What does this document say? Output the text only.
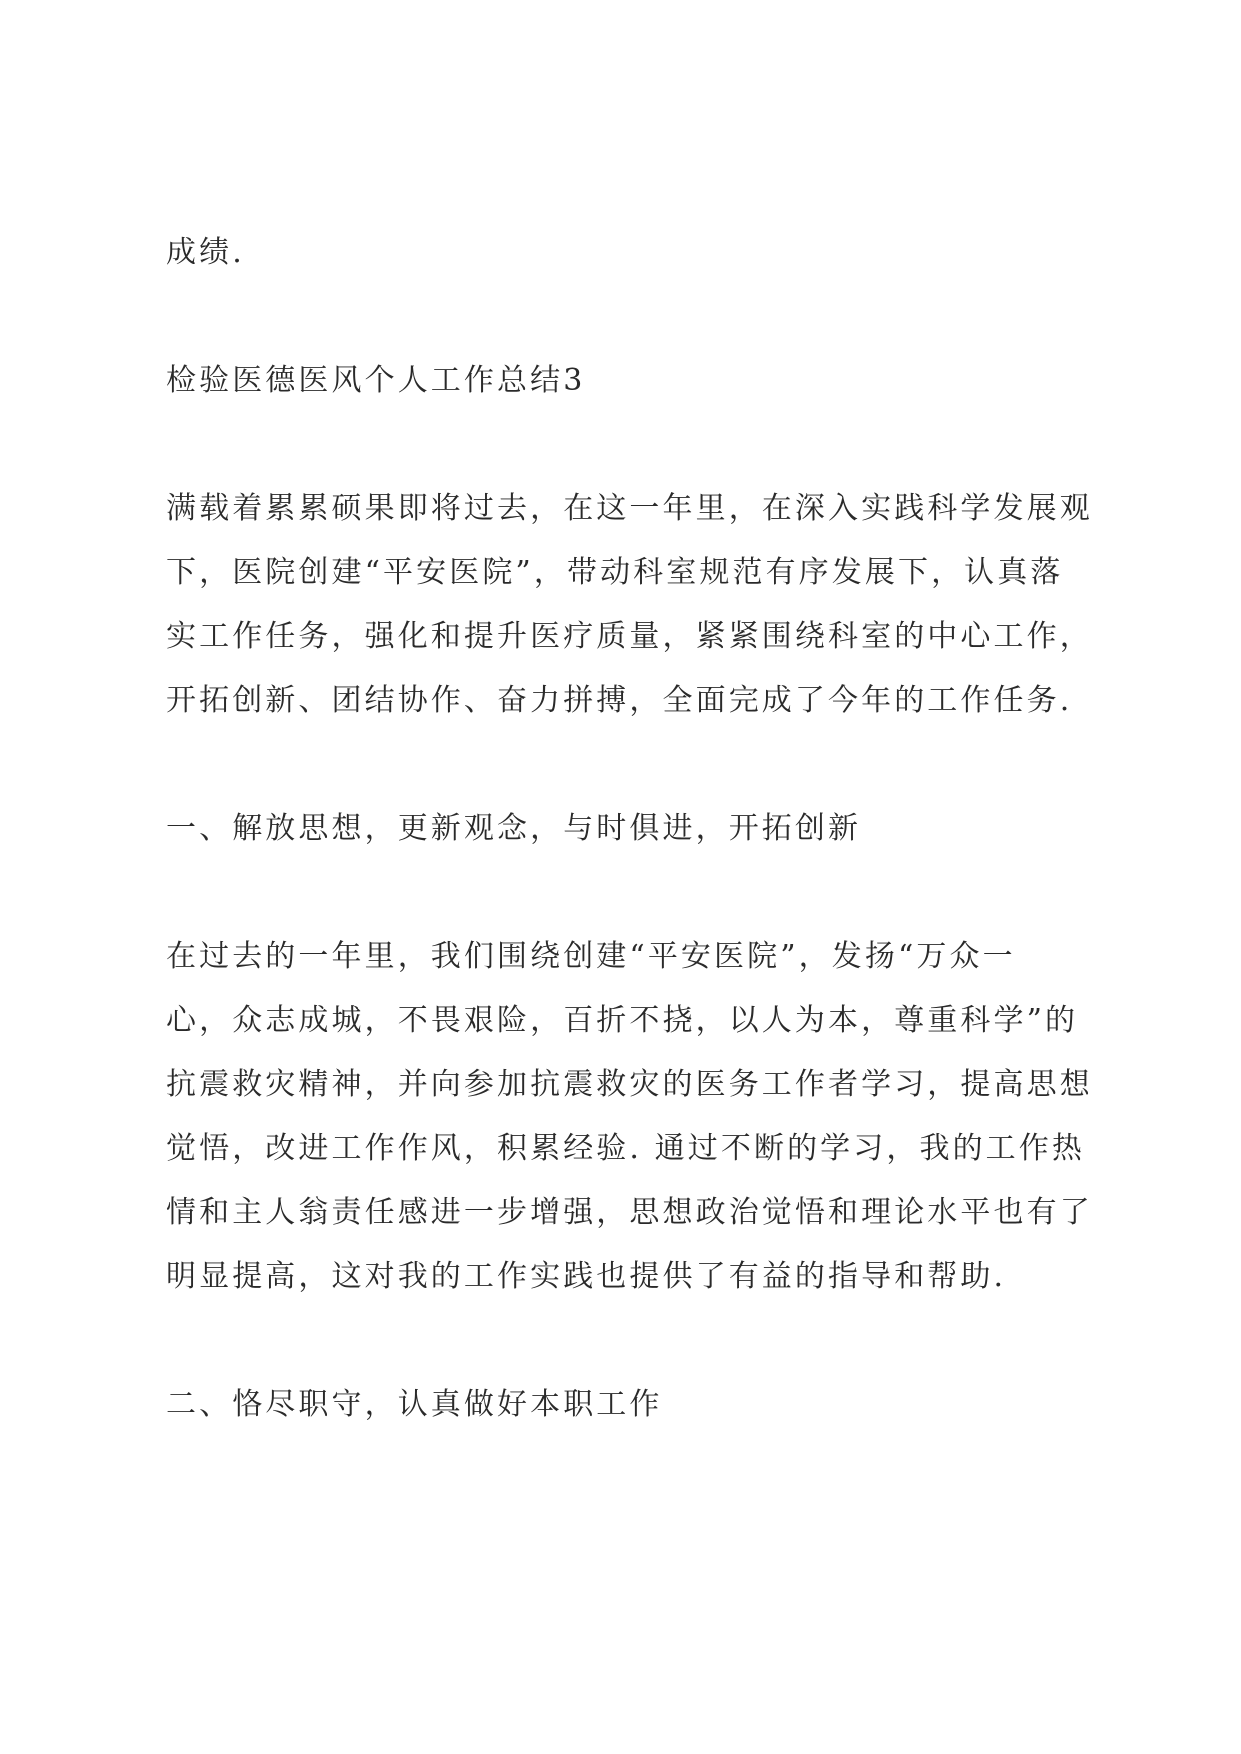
成绩.

检验医德医风个人工作总结3

满载着累累硕果即将过去，在这一年里，在深入实践科学发展观

下，医院创建“平安医院”，带动科室规范有序发展下，认真落

实工作任务，强化和提升医疗质量，紧紧围绕科室的中心工作，

开拓创新、团结协作、奋力拼搏，全面完成了今年的工作任务.

一、解放思想，更新观念，与时俱进，开拓创新

在过去的一年里，我们围绕创建“平安医院”，发扬“万众一

心，众志成城，不畏艰险，百折不挠，以人为本，尊重科学”的

抗震救灾精神，并向参加抗震救灾的医务工作者学习，提高思想

觉悟，改进工作作风，积累经验. 通过不断的学习，我的工作热

情和主人翁责任感进一步增强，思想政治觉悟和理论水平也有了

明显提高，这对我的工作实践也提供了有益的指导和帮助.

二、恪尽职守，认真做好本职工作
